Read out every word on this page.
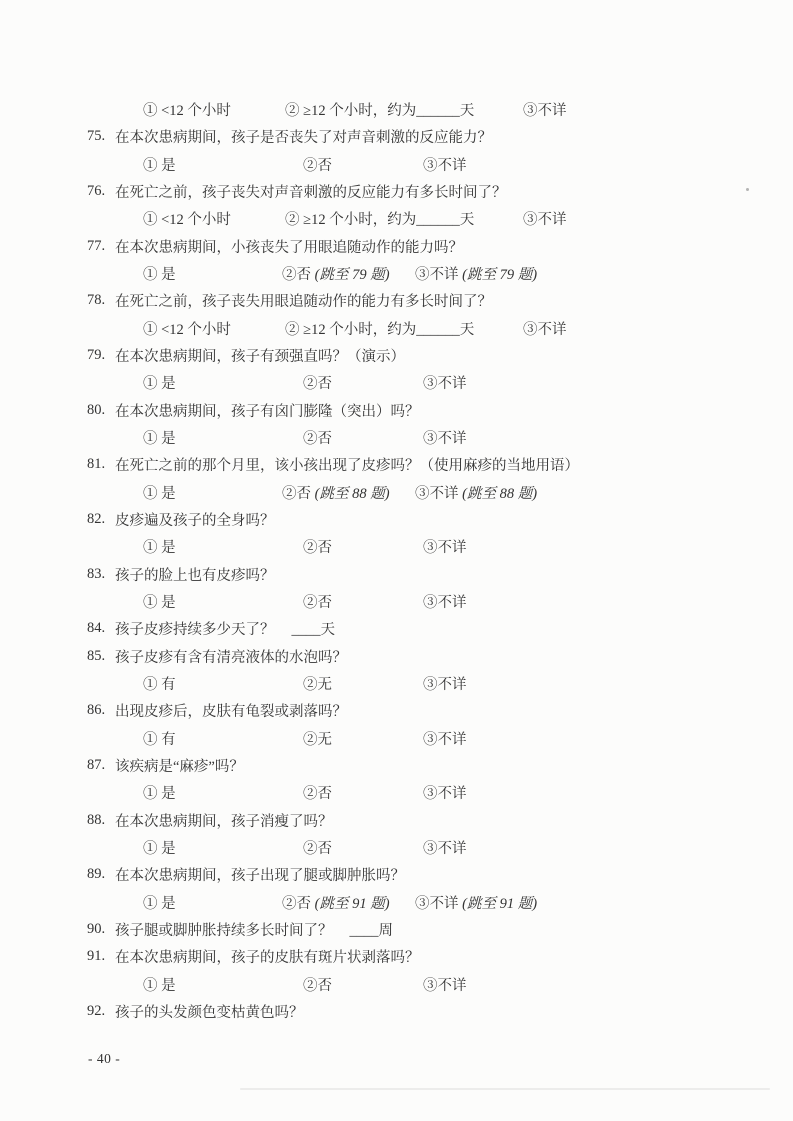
① <12 个小时	② ≥12 个小时，约为______天	③不详
75. 在本次患病期间，孩子是否丧失了对声音刺激的反应能力？
① 是	②否	③不详
76. 在死亡之前，孩子丧失对声音刺激的反应能力有多长时间了？
① <12 个小时	② ≥12 个小时，约为______天	③不详
77. 在本次患病期间，小孩丧失了用眼追随动作的能力吗？
① 是	②否 (跳至 79 题)	③不详 (跳至 79 题)
78. 在死亡之前，孩子丧失用眼追随动作的能力有多长时间了？
① <12 个小时	② ≥12 个小时，约为______天	③不详
79. 在本次患病期间，孩子有颈强直吗？（演示）
① 是	②否	③不详
80. 在本次患病期间，孩子有囟门膨隆（突出）吗？
① 是	②否	③不详
81. 在死亡之前的那个月里，该小孩出现了皮疹吗？（使用麻疹的当地用语）
① 是	②否 (跳至 88 题)	③不详 (跳至 88 题)
82. 皮疹遍及孩子的全身吗？
① 是	②否	③不详
83. 孩子的脸上也有皮疹吗？
① 是	②否	③不详
84. 孩子皮疹持续多少天了？ ____天
85. 孩子皮疹有含有清亮液体的水泡吗？
① 有	②无	③不详
86. 出现皮疹后，皮肤有龟裂或剥落吗？
① 有	②无	③不详
87. 该疾病是“麻疹”吗？
① 是	②否	③不详
88. 在本次患病期间，孩子消瘦了吗？
① 是	②否	③不详
89. 在本次患病期间，孩子出现了腿或脚肿胀吗？
① 是	②否 (跳至 91 题)	③不详 (跳至 91 题)
90. 孩子腿或脚肿胀持续多长时间了？ ____周
91. 在本次患病期间，孩子的皮肤有斑片状剥落吗？
① 是	②否	③不详
92. 孩子的头发颜色变枯黄色吗？
- 40 -
